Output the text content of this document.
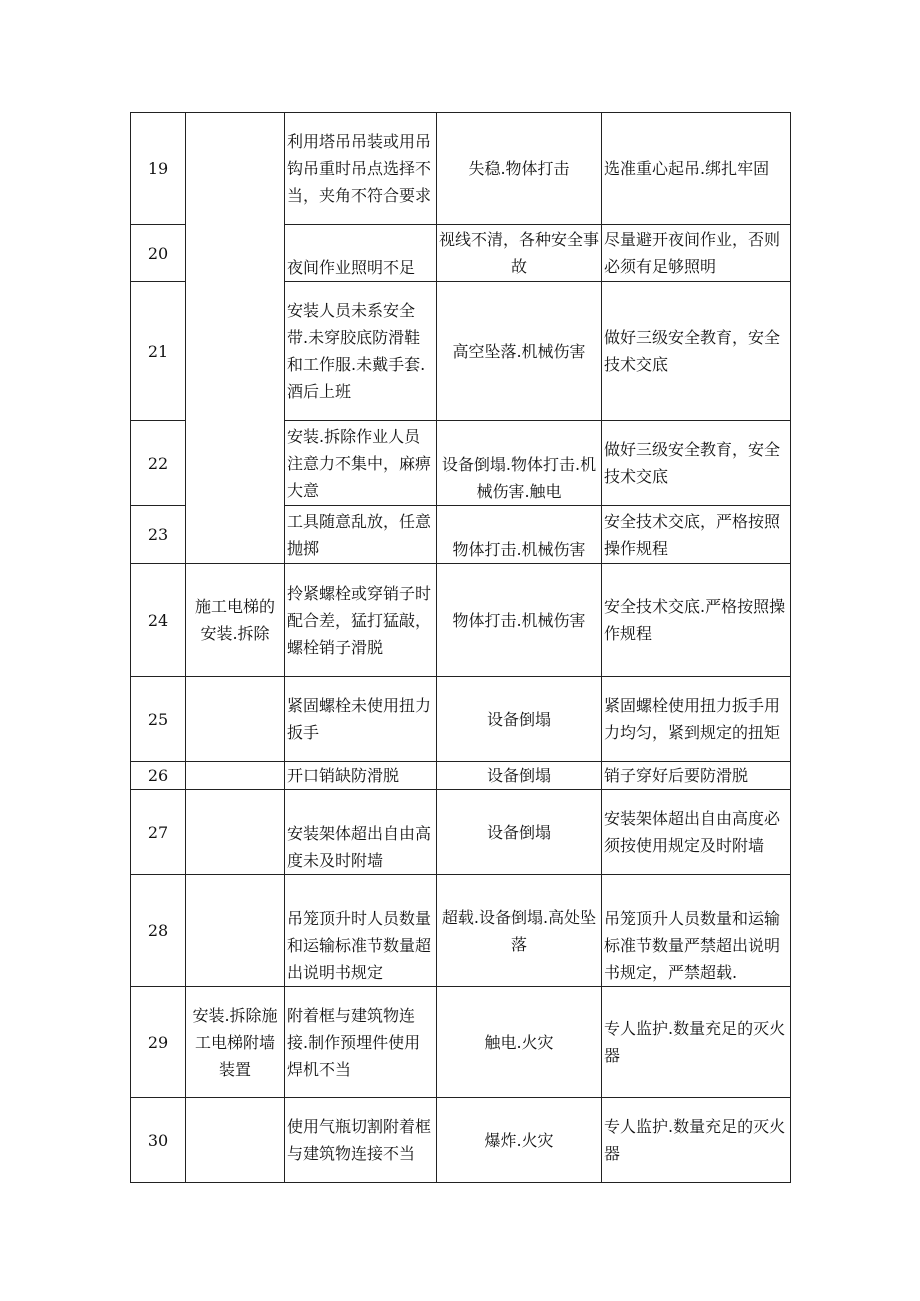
19		利用塔吊吊装或用吊钩吊重时吊点选择不当，夹角不符合要求	失稳.物体打击	选准重心起吊.绑扎牢固
20		夜间作业照明不足	视线不清，各种安全事故	尽量避开夜间作业，否则必须有足够照明
21		安装人员未系安全带.未穿胶底防滑鞋和工作服.未戴手套.酒后上班	高空坠落.机械伤害	做好三级安全教育，安全技术交底
22		安装.拆除作业人员注意力不集中，麻痹大意	设备倒塌.物体打击.机械伤害.触电	做好三级安全教育，安全技术交底
23		工具随意乱放，任意抛掷	物体打击.机械伤害	安全技术交底，严格按照操作规程
24	施工电梯的安装.拆除	拎紧螺栓或穿销子时配合差，猛打猛敲，螺栓销子滑脱	物体打击.机械伤害	安全技术交底.严格按照操作规程
25		紧固螺栓未使用扭力扳手	设备倒塌	紧固螺栓使用扭力扳手用力均匀，紧到规定的扭矩
26		开口销缺防滑脱	设备倒塌	销子穿好后要防滑脱
27		安装架体超出自由高度未及时附墙	设备倒塌	安装架体超出自由高度必须按使用规定及时附墙
28		吊笼顶升时人员数量和运输标准节数量超出说明书规定	超载.设备倒塌.高处坠落	吊笼顶升人员数量和运输标准节数量严禁超出说明书规定，严禁超载.
29	安装.拆除施工电梯附墙装置	附着框与建筑物连接.制作预埋件使用焊机不当	触电.火灾	专人监护.数量充足的灭火器
30		使用气瓶切割附着框与建筑物连接不当	爆炸.火灾	专人监护.数量充足的灭火器
